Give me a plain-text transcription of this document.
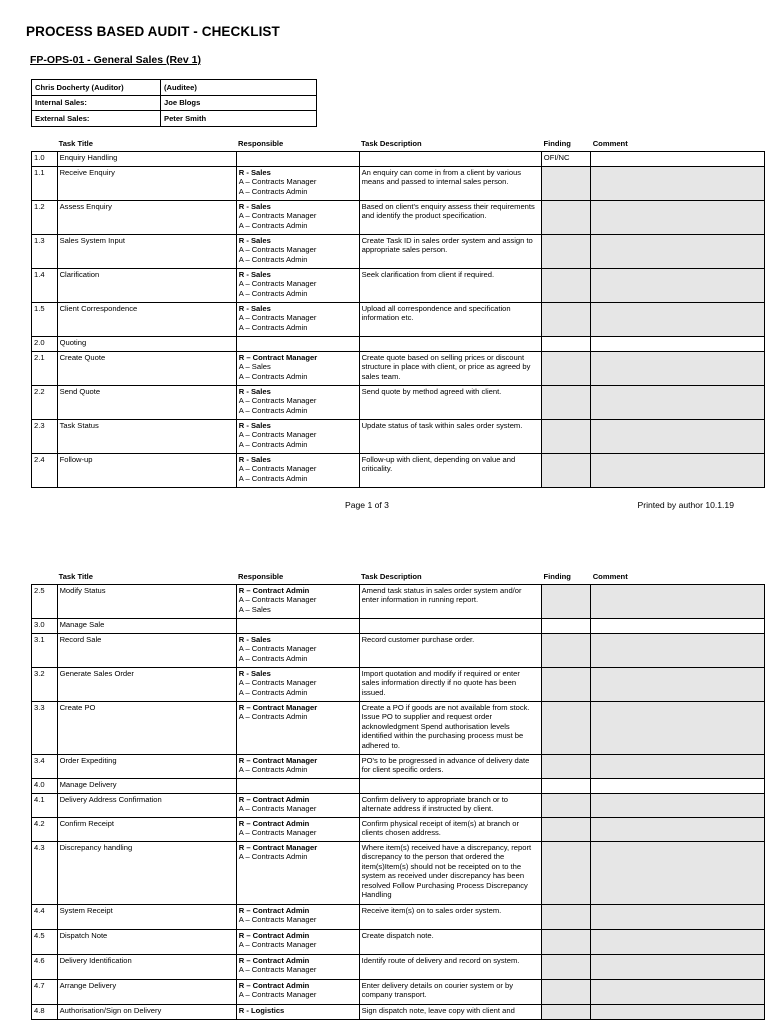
PROCESS BASED AUDIT - CHECKLIST
FP-OPS-01 - General Sales (Rev 1)
Chris Docherty (Auditor)	(Auditee)
Internal Sales:	Joe Blogs
External Sales:	Peter Smith
	Task Title	Responsible	Task Description	Finding	Comment
1.0	Enquiry Handling			OFI/NC	
1.1	Receive Enquiry	R - Sales
A – Contracts Manager
A – Contracts Admin	An enquiry can come in from a client by various means and passed to internal sales person.		
1.2	Assess Enquiry	R - Sales
A – Contracts Manager
A – Contracts Admin	Based on client's enquiry assess their requirements and identify the product specification.		
1.3	Sales System Input	R - Sales
A – Contracts Manager
A – Contracts Admin	Create Task ID in sales order system and assign to appropriate sales person.		
1.4	Clarification	R - Sales
A – Contracts Manager
A – Contracts Admin	Seek clarification from client if required.		
1.5	Client Correspondence	R - Sales
A – Contracts Manager
A – Contracts Admin	Upload all correspondence and specification information etc.		
2.0	Quoting				
2.1	Create Quote	R – Contract Manager
A – Sales
A – Contracts Admin	Create quote based on selling prices or discount structure in place with client, or price as agreed by sales team.		
2.2	Send Quote	R - Sales
A – Contracts Manager
A – Contracts Admin	Send quote by method agreed with client.		
2.3	Task Status	R - Sales
A – Contracts Manager
A – Contracts Admin	Update status of task within sales order system.		
2.4	Follow-up	R - Sales
A – Contracts Manager
A – Contracts Admin	Follow-up with client, depending on value and criticality.		
Page 1 of 3	Printed by author 10.1.19
	Task Title	Responsible	Task Description	Finding	Comment
2.5	Modify Status	R – Contract Admin
A – Contracts Manager
A – Sales	Amend task status in sales order system and/or enter information in running report.		
3.0	Manage Sale				
3.1	Record Sale	R - Sales
A – Contracts Manager
A – Contracts Admin	Record customer purchase order.		
3.2	Generate Sales Order	R - Sales
A – Contracts Manager
A – Contracts Admin	Import quotation and modify if required or enter sales information directly if no quote has been issued.		
3.3	Create PO	R – Contract Manager
A – Contracts Admin	Create a PO if goods are not available from stock. Issue PO to supplier and request order acknowledgment Spend authorisation levels identified within the purchasing process must be adhered to.		
3.4	Order Expediting	R – Contract Manager
A – Contracts Admin	PO's to be progressed in advance of delivery date for client specific orders.		
4.0	Manage Delivery				
4.1	Delivery Address Confirmation	R – Contract Admin
A – Contracts Manager	Confirm delivery to appropriate branch or to alternate address if instructed by client.		
4.2	Confirm Receipt	R – Contract Admin
A – Contracts Manager	Confirm physical receipt of item(s) at branch or clients chosen address.		
4.3	Discrepancy handling	R – Contract Manager
A – Contracts Admin	Where item(s) received have a discrepancy, report discrepancy to the person that ordered the item(s)Item(s) should not be receipted on to the system as received under discrepancy has been resolved Follow Purchasing Process Discrepancy Handling		
4.4	System Receipt	R – Contract Admin
A – Contracts Manager	Receive item(s) on to sales order system.		
4.5	Dispatch Note	R – Contract Admin
A – Contracts Manager	Create dispatch note.		
4.6	Delivery Identification	R – Contract Admin
A – Contracts Manager	Identify route of delivery and record on system.		
4.7	Arrange Delivery	R – Contract Admin
A – Contracts Manager	Enter delivery details on courier system or by company transport.		
4.8	Authorisation/Sign on Delivery	R - Logistics	Sign dispatch note, leave copy with client and		
